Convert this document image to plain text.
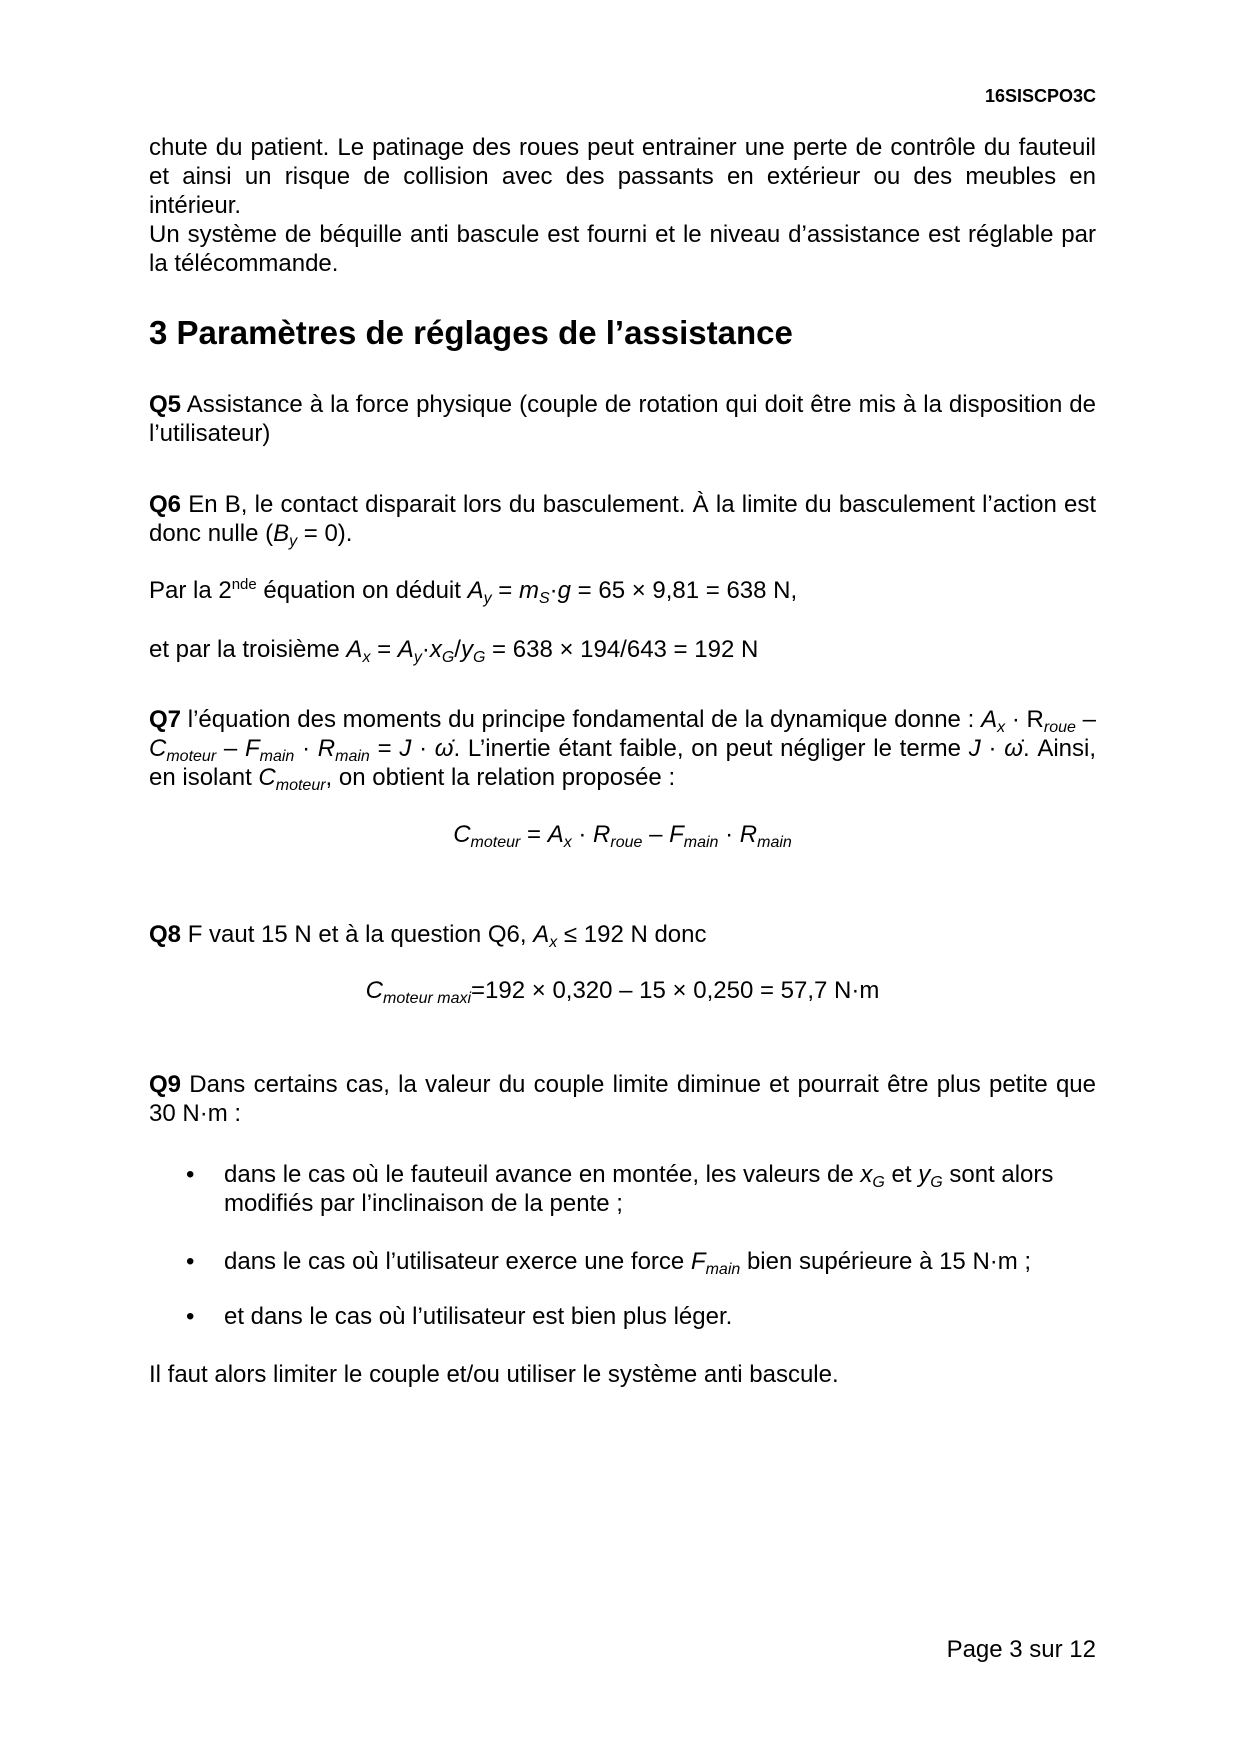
16SISCPO3C

chute du patient. Le patinage des roues peut entrainer une perte de contrôle du fauteuil et ainsi un risque de collision avec des passants en extérieur ou des meubles en intérieur.

Un système de béquille anti bascule est fourni et le niveau d’assistance est réglable par la télécommande.

3 Paramètres de réglages de l’assistance

Q5 Assistance à la force physique (couple de rotation qui doit être mis à la disposition de l’utilisateur)

Q6 En B, le contact disparait lors du basculement. À la limite du basculement l’action est donc nulle $(B_y = 0)$.

Par la 2nde équation on déduit $A_y = m_S\cdot g = 65 \times 9,81 = 638$ N,

et par la troisième $A_x = A_y\cdot x_G/y_G = 638 \times 194/643 = 192$ N

Q7 l’équation des moments du principe fondamental de la dynamique donne : $A_x \cdot R_{roue} - C_{moteur} - F_{main} \cdot R_{main} = J$ · ω̇. L’inertie étant faible, on peut négliger le terme J · ω̇. Ainsi, en isolant $C_{moteur}$, on obtient la relation proposée :

$C_{moteur} = A_x \cdot R_{roue} - F_{main} \cdot R_{main}$

Q8 F vaut 15 N et à la question Q6, $A_x \le 192$ N donc

$C_{moteur maxi}=192 \times 0,320 - 15 \times 0,250 = 57,7$ N·m

Q9 Dans certains cas, la valeur du couple limite diminue et pourrait être plus petite que 30 N·m :

• dans le cas où le fauteuil avance en montée, les valeurs de $x_G$ et $y_G$ sont alors modifiés par l’inclinaison de la pente ;
• dans le cas où l’utilisateur exerce une force $F_{main}$ bien supérieure à 15 N·m ;
• et dans le cas où l’utilisateur est bien plus léger.

Il faut alors limiter le couple et/ou utiliser le système anti bascule.

Page 3 sur 12
